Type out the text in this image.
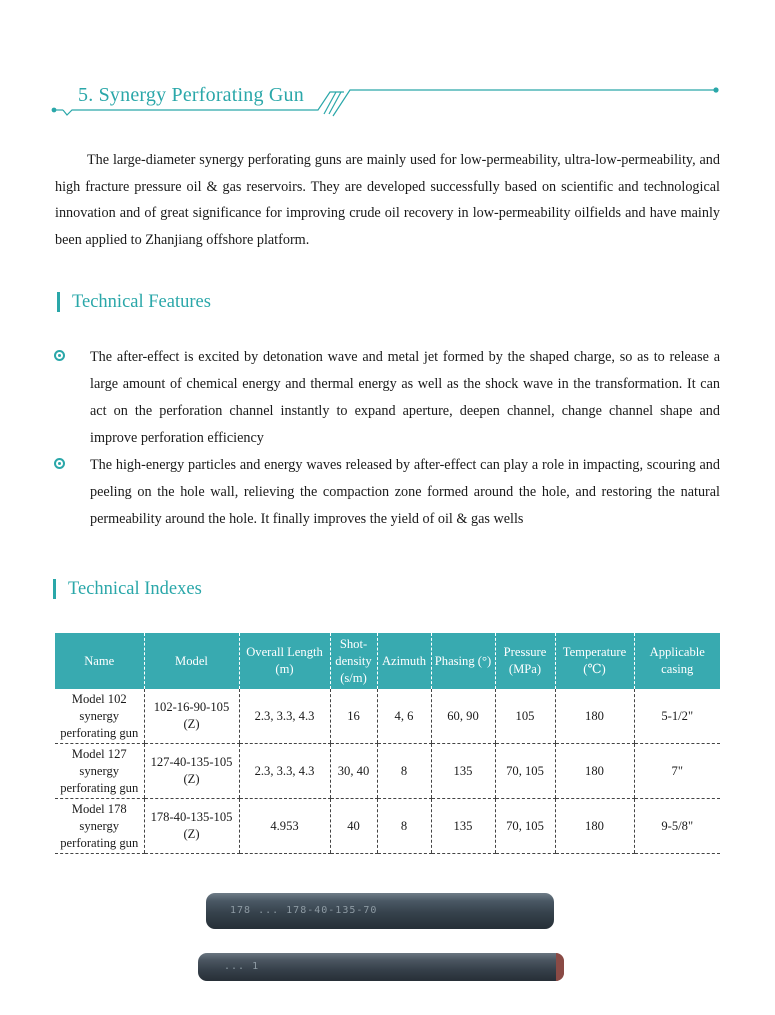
5. Synergy Perforating Gun

The large-diameter synergy perforating guns are mainly used for low-permeability, ultra-low-permeability, and high fracture pressure oil & gas reservoirs. They are developed successfully based on scientific and technological innovation and of great significance for improving crude oil recovery in low-permeability oilfields and have mainly been applied to Zhanjiang offshore platform.

Technical Features
The after-effect is excited by detonation wave and metal jet formed by the shaped charge, so as to release a large amount of chemical energy and thermal energy as well as the shock wave in the transformation. It can act on the perforation channel instantly to expand aperture, deepen channel, change channel shape and improve perforation efficiency
The high-energy particles and energy waves released by after-effect can play a role in impacting, scouring and peeling on the hole wall, relieving the compaction zone formed around the hole, and restoring the natural permeability around the hole. It finally improves the yield of oil & gas wells
Technical Indexes
Name	Model	Overall Length (m)	Shot-density (s/m)	Azimuth	Phasing (°)	Pressure (MPa)	Temperature (℃)	Applicable casing
Model 102 synergy perforating gun	102-16-90-105 (Z)	2.3, 3.3, 4.3	16	4, 6	60, 90	105	180	5-1/2"
Model 127 synergy perforating gun	127-40-135-105 (Z)	2.3, 3.3, 4.3	30, 40	8	135	70, 105	180	7"
Model 178 synergy perforating gun	178-40-135-105 (Z)	4.953	40	8	135	70, 105	180	9-5/8"
178 ... 178-40-135-70
... 1
